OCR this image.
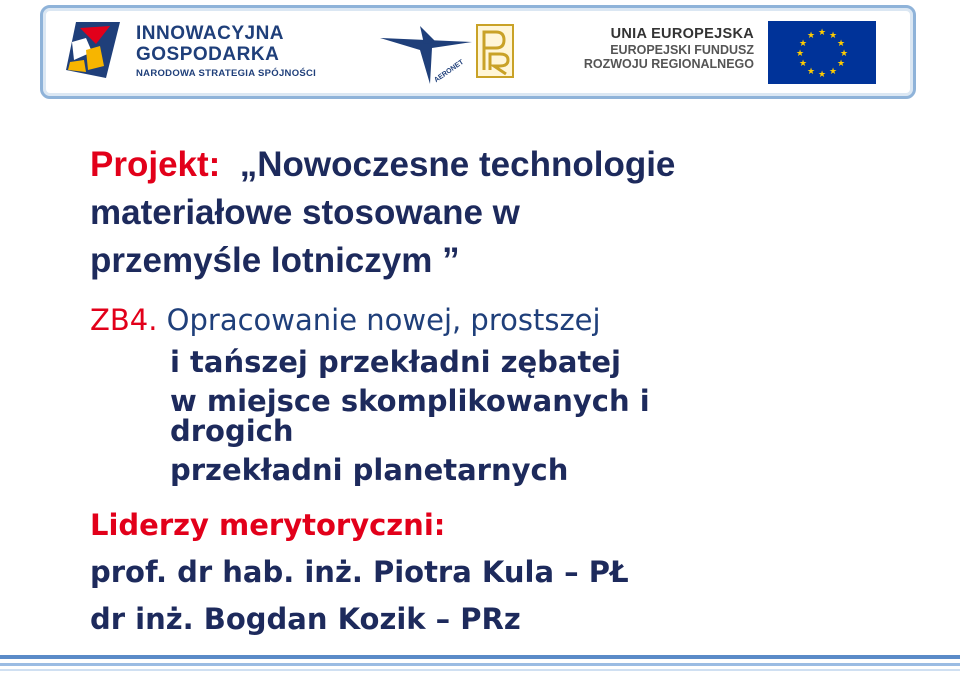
INNOWACYJNA
GOSPODARKA
NARODOWA STRATEGIA SPÓJNOŚCI	AERONET
UNIA EUROPEJSKA
EUROPEJSKI FUNDUSZ
ROZWOJU REGIONALNEGO
★ ★
★
★
★
★
★
★
★
★
★
★
Projekt: „Nowoczesne technologie
materiałowe stosowane w
przemyśle lotniczym ”
ZB4. Opracowanie nowej, prostszej
i tańszej przekładni zębatej
w miejsce skomplikowanych i
drogich
przekładni planetarnych
Liderzy merytoryczni:
prof. dr hab. inż. Piotra Kula – PŁ
dr inż. Bogdan Kozik – PRz
